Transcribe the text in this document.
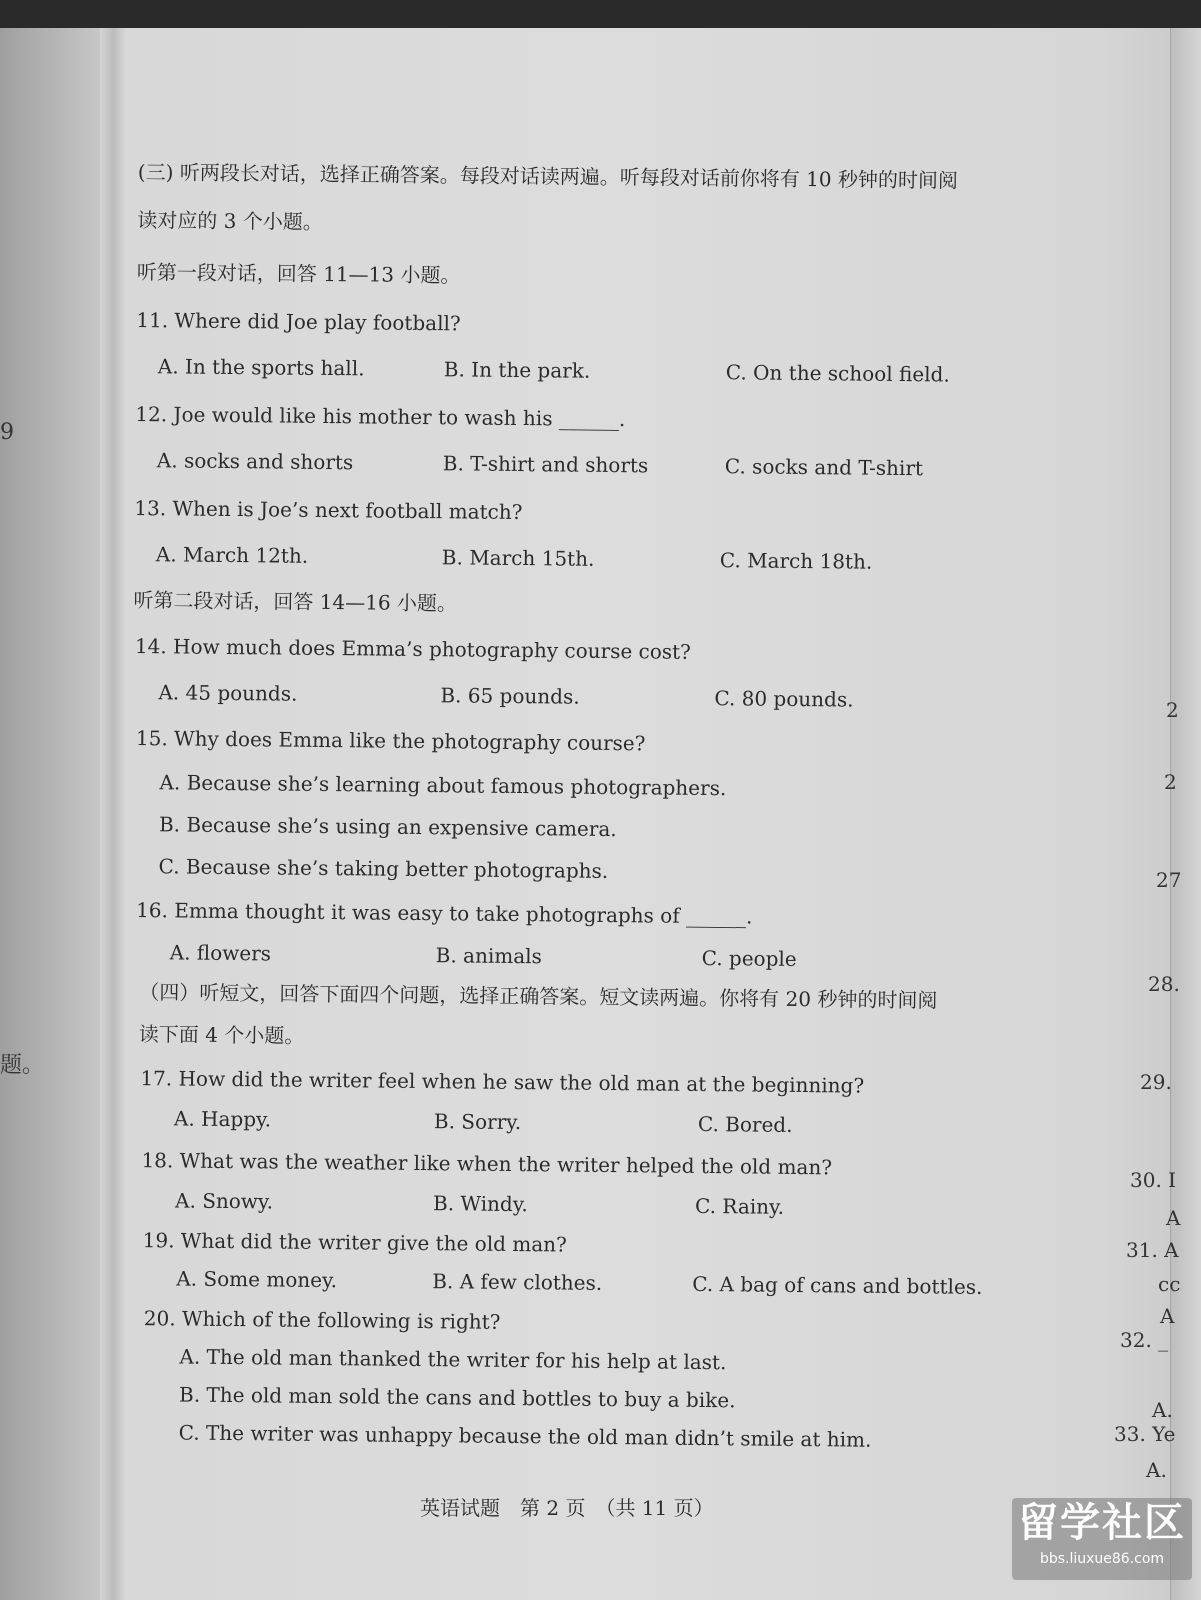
9
题。
(三) 听两段长对话，选择正确答案。每段对话读两遍。听每段对话前你将有 10 秒钟的时间阅
读对应的 3 个小题。
听第一段对话，回答 11—13 小题。
11. Where did Joe play football?
A. In the sports hall.	B. In the park.	C. On the school field.
12. Joe would like his mother to wash his ______.
A. socks and shorts	B. T-shirt and shorts	C. socks and T-shirt
13. When is Joe’s next football match?
A. March 12th.	B. March 15th.	C. March 18th.
听第二段对话，回答 14—16 小题。
14. How much does Emma’s photography course cost?
A. 45 pounds.	B. 65 pounds.	C. 80 pounds.
15. Why does Emma like the photography course?
A. Because she’s learning about famous photographers.
B. Because she’s using an expensive camera.
C. Because she’s taking better photographs.
16. Emma thought it was easy to take photographs of ______.
A. flowers	B. animals	C. people
（四）听短文，回答下面四个问题，选择正确答案。短文读两遍。你将有 20 秒钟的时间阅
读下面 4 个小题。
17. How did the writer feel when he saw the old man at the beginning?
A. Happy.	B. Sorry.	C. Bored.
18. What was the weather like when the writer helped the old man?
A. Snowy.	B. Windy.	C. Rainy.
19. What did the writer give the old man?
A. Some money.	B. A few clothes.	C. A bag of cans and bottles.
20. Which of the following is right?
A. The old man thanked the writer for his help at last.
B. The old man sold the cans and bottles to buy a bike.
C. The writer was unhappy because the old man didn’t smile at him.
2
2
27
28.
29.
30. I
A
31. A
cc
A
32. _
A.
33. Ye
A.
英语试题　第 2 页　（共 11 页）	留学社区
bbs.liuxue86.com
